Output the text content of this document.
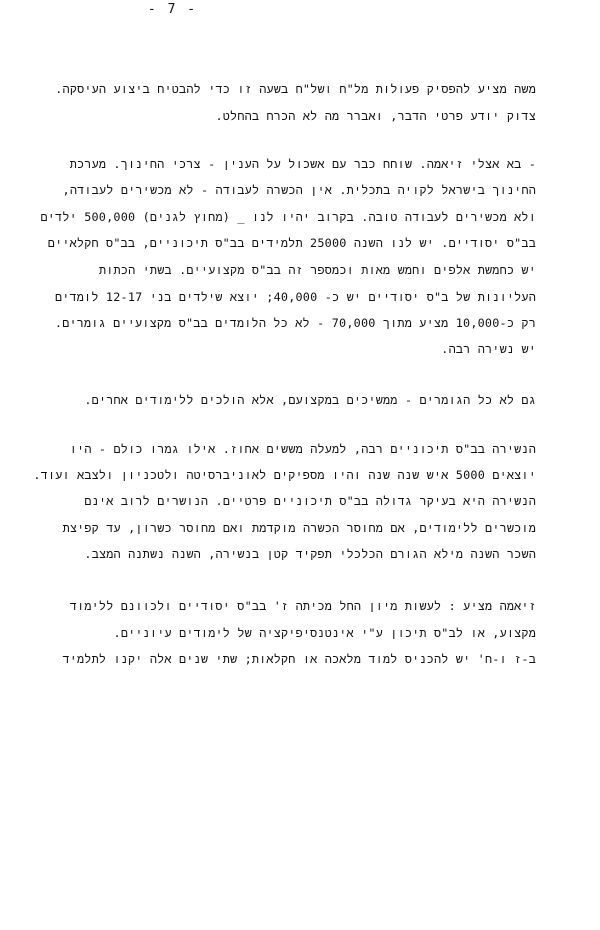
- 7 -
משה מציע להפסיק פעולות מל"ח ושל"ח בשעה זו כדי להבטיח ביצוע העיסקה.
צדוק יודע פרטי הדבר, ואברר מה לא הכרח בהחלט.
- בא אצלי זיאמה. שוחח כבר עם אשכול על הענין - צרכי החינוך. מערכת
החינוך בישראל לקויה בתכלית. אין הכשרה לעבודה - לא מכשירים לעבודה,
ולא מכשירים לעבודה טובה. בקרוב יהיו לנו _ (מחוץ לגנים) 500,000 ילדים
בב"ס יסודיים. יש לנו השנה 25000 תלמידים בב"ס תיכוניים, בב"ס חקלאיים
יש כחמשת אלפים וחמש מאות וכמספר זה בב"ס מקצועיים. בשתי הכתות
העליונות של ב"ס יסודיים יש כ- 40,000; יוצא שילדים בני 12-17 לומדים
רק כ-10,000 מציע מתוך 70,000 - לא כל הלומדים בב"ס מקצועיים גומרים.
יש נשירה רבה.
גם לא כל הגומרים - ממשיכים במקצועם, אלא הולכים ללימודים אחרים.
הנשירה בב"ס תיכוניים רבה, למעלה משש‏ים אחוז. אילו גמרו כולם - היו
יוצאים 5000 איש שנה שנה והיו מספיקים לאוניברסיטה ולטכניון ולצבא ועוד.
הנשירה היא בעיקר גדולה בב"ס תיכוניים פרטיים. הנושרים לרוב אינם
מוכשרים ללימודים, אם מחוסר הכשרה מוקדמת ואם מחוסר כשרון, עד קפיצת
השכר השנה מילא הגורם הכלכלי תפקיד קטן בנשירה, השנה נשתנה המצב.
זיאמה מציע : לעשות מיון החל מכיתה ז' בב"ס יסודיים ולכוונם ללימוד
מקצוע, או לב"ס תיכון ע"י אינטנסיפיקציה של לימודים עיוניים.
ב-ז ו-ח' יש להכניס למוד מלאכה או חקלאות; שתי שנים אלה יקנו לתלמיד
